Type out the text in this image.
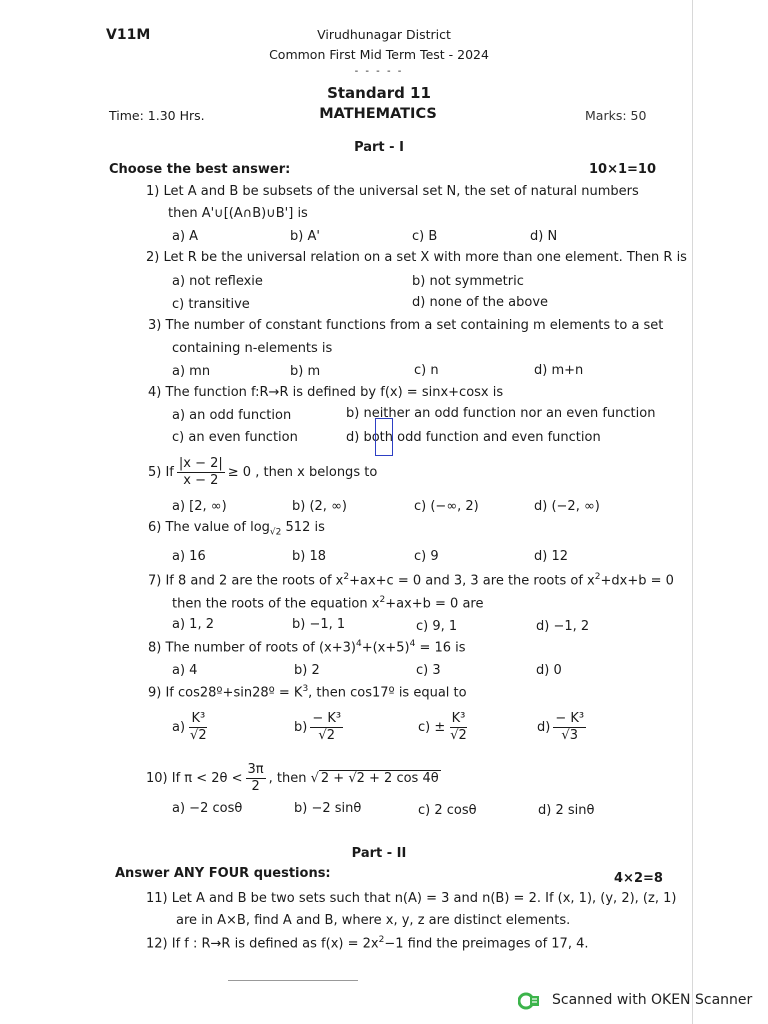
V11M	Virudhunagar District
Common First Mid Term Test - 2024
- - - - -
Standard 11
Time: 1.30 Hrs.	MATHEMATICS	Marks: 50
Part - I
Choose the best answer:	10×1=10
1) Let A and B be subsets of the universal set N, the set of natural numbers
then A'∪[(A∩B)∪B'] is
a) A	b) A'	c) B	d) N
2) Let R be the universal relation on a set X with more than one element. Then R is
a) not reflexie	b) not symmetric
c) transitive	d) none of the above
3) The number of constant functions from a set containing m elements to a set
containing n-elements is
a) mn	b) m	c) n	d) m+n
4) The function f:R→R is defined by f(x) = sinx+cosx is
a) an odd function	b) neither an odd function nor an even function
c) an even function	d) both odd function and even function
5) If $\frac{|x - 2|}{x - 2} \ge 0$ , then x belongs to
a) [2, ∞)	b) (2, ∞)	c) (−∞, 2)	d) (−2, ∞)
6) The value of $\log_{√2} 512$ is
a) 16	b) 18	c) 9	d) 12
7) If 8 and 2 are the roots of $x^2+ax+c = 0$ and 3, 3 are the roots of $x^2+dx+b = 0$
then the roots of the equation $x^2+ax+b = 0$ are
a) 1, 2	b) −1, 1	c) 9, 1	d) −1, 2
8) The number of roots of $(x+3)^4+(x+5)^4 = 16$ is
a) 4	b) 2	c) 3	d) 0
9) If cos28º+sin28º = $K^3$, then cos17º is equal to
$a) \frac{\text{K³}}{√2}$	$b) \frac{\text{− K³}}{√2}$	$c) \pm \frac{\text{K³}}{√2}$	$d) \frac{\text{− K³}}{√3}$
10) If $\pi < 2\theta < \frac{3\pi}{2}$ , then √ 2 + √2 + 2 cos 4θ
a) −2 cosθ	b) −2 sinθ	c) 2 cosθ	d) 2 sinθ
Part - II
Answer ANY FOUR questions:	4×2=8
11) Let A and B be two sets such that n(A) = 3 and n(B) = 2. If (x, 1), (y, 2), (z, 1)
are in A×B, find A and B, where x, y, z are distinct elements.
12) If f : R→R is defined as $f(x) = 2x^2-1$ find the preimages of 17, 4.
Scanned with OKEN Scanner
